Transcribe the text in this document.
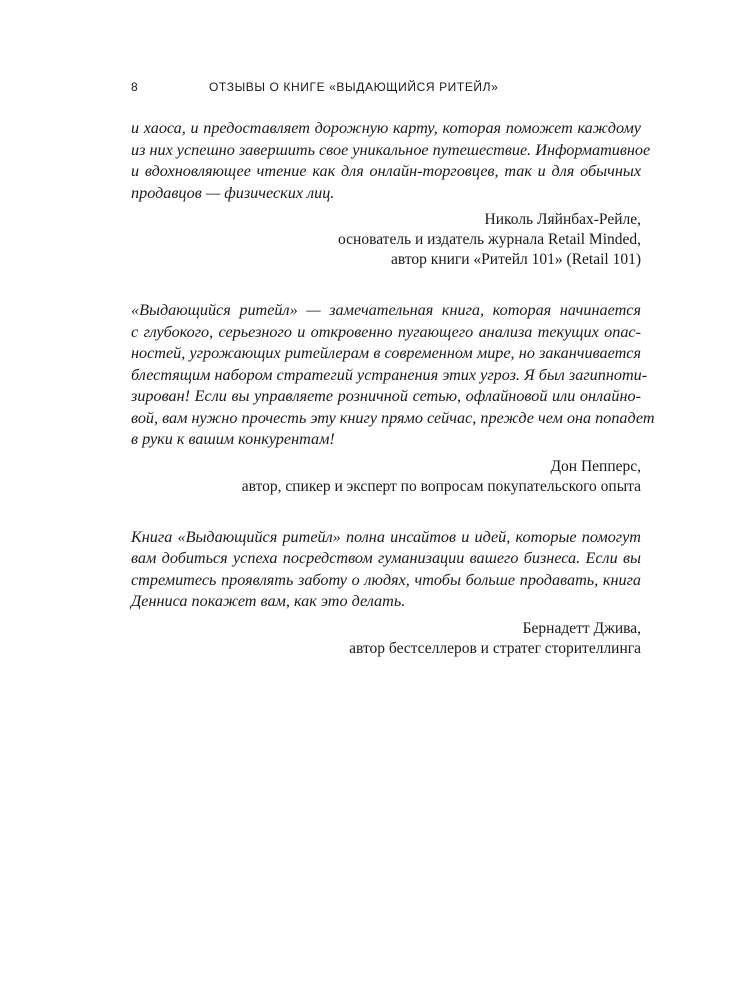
8	ОТЗЫВЫ О КНИГЕ «ВЫДАЮЩИЙСЯ РИТЕЙЛ»

и хаоса, и предоставляет дорожную карту, которая поможет каждому
из них успешно завершить свое уникальное путешествие. Информативное
и вдохновляющее чтение как для онлайн-торговцев, так и для обычных
продавцов — физических лиц.

Николь Ляйнбах-Рейле,
основатель и издатель журнала Retail Minded,
автор книги «Ритейл 101» (Retail 101)

«Выдающийся ритейл» — замечательная книга, которая начинается
с глубокого, серьезного и откровенно пугающего анализа текущих опас-
ностей, угрожающих ритейлерам в современном мире, но заканчивается
блестящим набором стратегий устранения этих угроз. Я был загипноти-
зирован! Если вы управляете розничной сетью, офлайновой или онлайно-
вой, вам нужно прочесть эту книгу прямо сейчас, прежде чем она попадет
в руки к вашим конкурентам!

Дон Пепперс,
автор, спикер и эксперт по вопросам покупательского опыта

Книга «Выдающийся ритейл» полна инсайтов и идей, которые помогут
вам добиться успеха посредством гуманизации вашего бизнеса. Если вы
стремитесь проявлять заботу о людях, чтобы больше продавать, книга
Денниса покажет вам, как это делать.

Бернадетт Джива,
автор бестселлеров и стратег сторителлинга
